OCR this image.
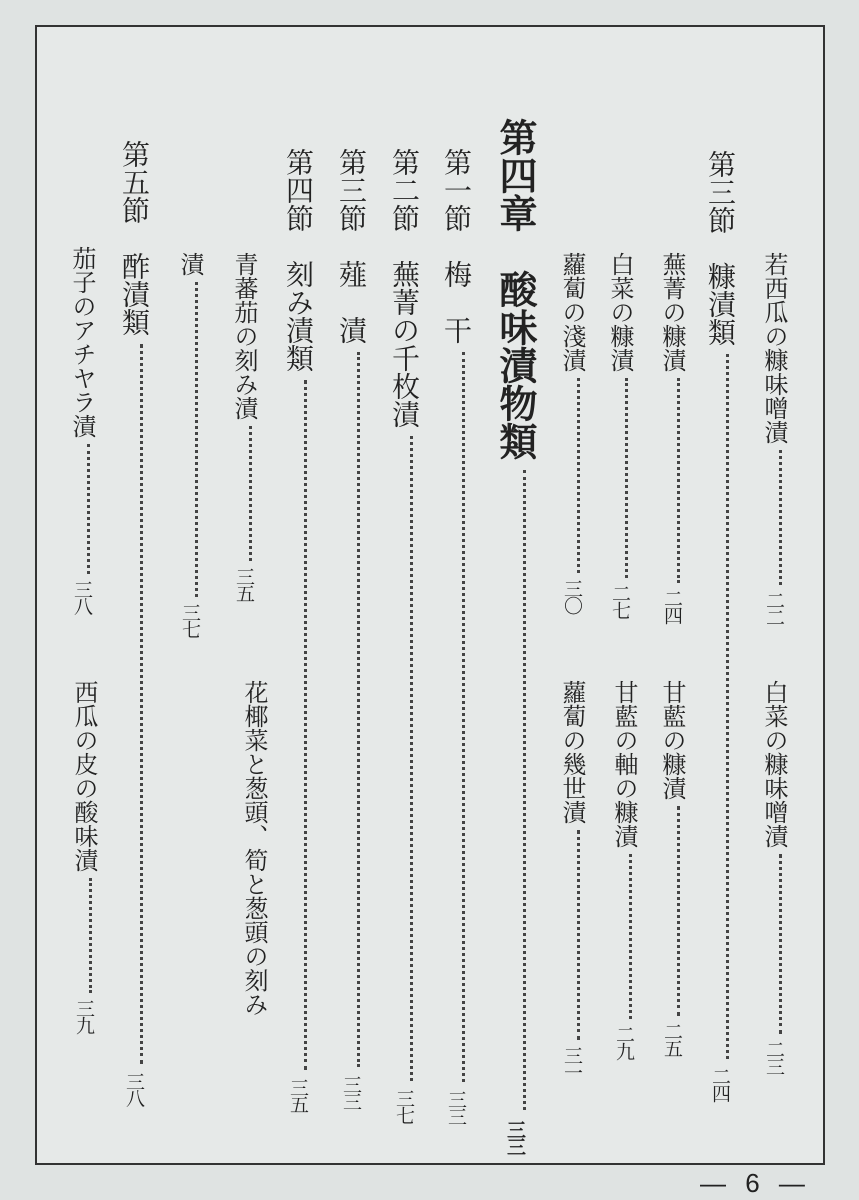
第三節　糠漬類二四
若西瓜の糠味噌漬二二
白菜の糠味噌漬二三
蕪菁の糠漬二四
甘藍の糠漬二五
白菜の糠漬二七
甘藍の軸の糠漬二九
蘿蔔の淺漬三〇
蘿蔔の幾世漬三一
第四章　酸味漬物類三三
第一節　梅　干三三
第二節　蕪菁の千枚漬三七
第三節　薤　漬三三
第四節　刻み漬類三五
青蕃茄の刻み漬三五
花椰菜と葱頭、筍と葱頭の刻み
漬三七
第五節　酢漬類三八
茄子のアチヤラ漬三八
西瓜の皮の酸味漬三九
― 6 ―
